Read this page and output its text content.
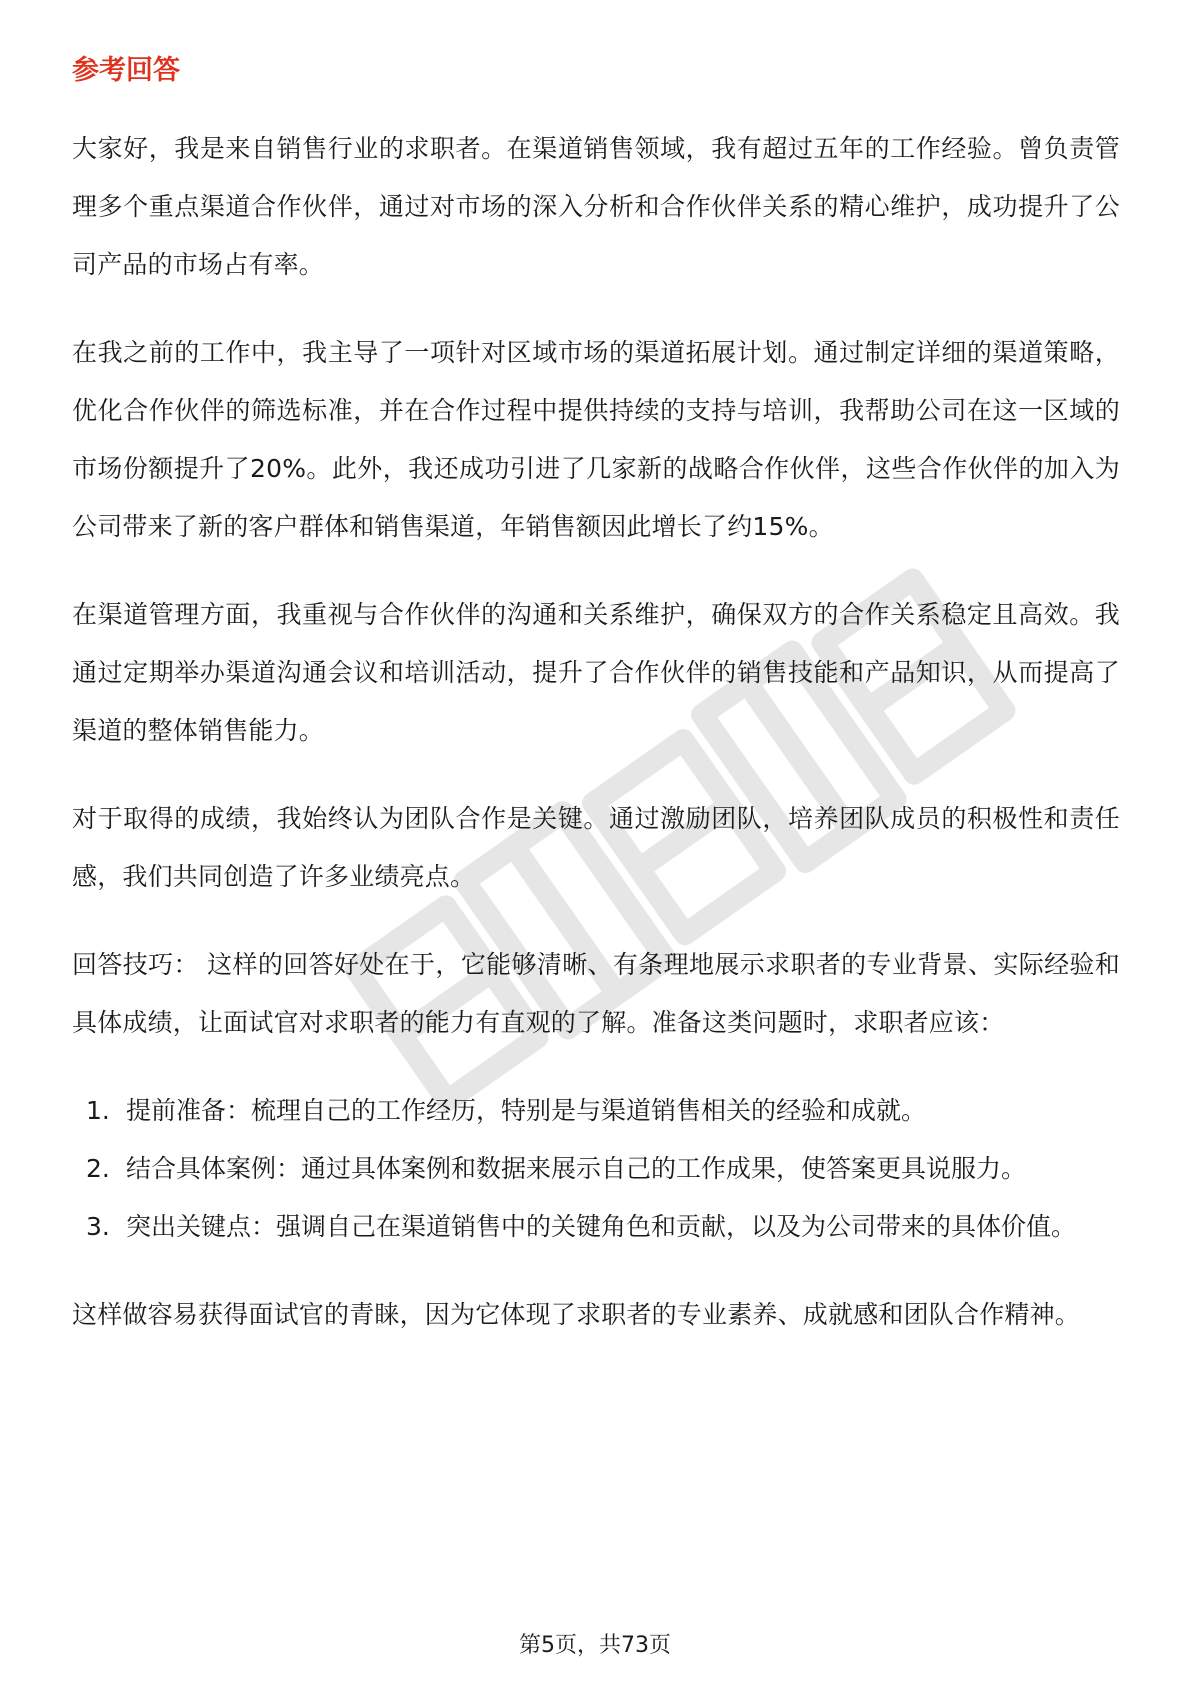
参考回答

大家好，我是来自销售行业的求职者。在渠道销售领域，我有超过五年的工作经验。曾负责管理多个重点渠道合作伙伴，通过对市场的深入分析和合作伙伴关系的精心维护，成功提升了公司产品的市场占有率。

在我之前的工作中，我主导了一项针对区域市场的渠道拓展计划。通过制定详细的渠道策略，优化合作伙伴的筛选标准，并在合作过程中提供持续的支持与培训，我帮助公司在这一区域的市场份额提升了20%。此外，我还成功引进了几家新的战略合作伙伴，这些合作伙伴的加入为公司带来了新的客户群体和销售渠道，年销售额因此增长了约15%。

在渠道管理方面，我重视与合作伙伴的沟通和关系维护，确保双方的合作关系稳定且高效。我通过定期举办渠道沟通会议和培训活动，提升了合作伙伴的销售技能和产品知识，从而提高了渠道的整体销售能力。

对于取得的成绩，我始终认为团队合作是关键。通过激励团队，培养团队成员的积极性和责任感，我们共同创造了许多业绩亮点。

回答技巧： 这样的回答好处在于，它能够清晰、有条理地展示求职者的专业背景、实际经验和具体成绩，让面试官对求职者的能力有直观的了解。准备这类问题时，求职者应该：

1. 提前准备：梳理自己的工作经历，特别是与渠道销售相关的经验和成就。
2. 结合具体案例：通过具体案例和数据来展示自己的工作成果，使答案更具说服力。
3. 突出关键点：强调自己在渠道销售中的关键角色和贡献，以及为公司带来的具体价值。

这样做容易获得面试官的青睐，因为它体现了求职者的专业素养、成就感和团队合作精神。

第5页，共73页
